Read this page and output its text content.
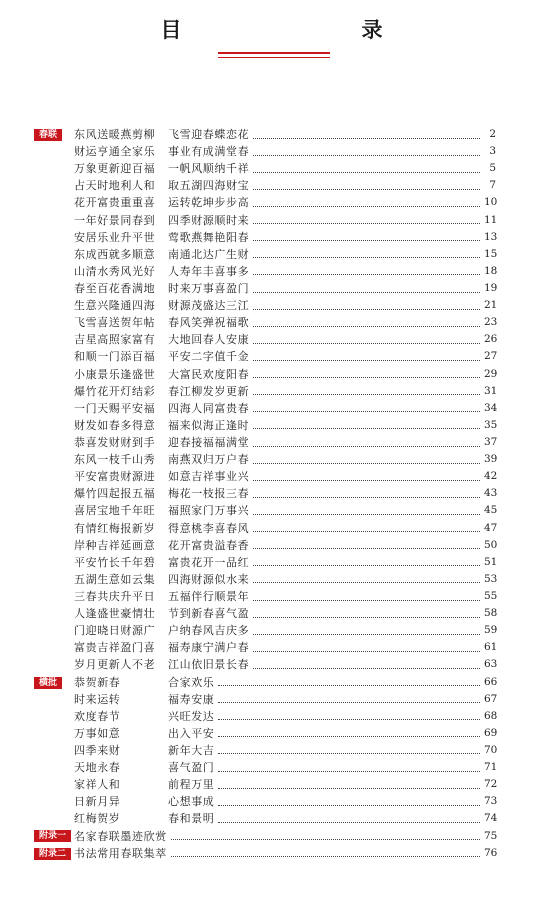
目　　录
春联	东风送暖燕剪柳	飞雪迎春蝶恋花	2
财运亨通全家乐	事业有成满堂春	3
万象更新迎百福	一帆风顺纳千祥	5
占天时地利人和	取五湖四海财宝	7
花开富贵重重喜	运转乾坤步步高	10
一年好景同春到	四季财源顺时来	11
安居乐业升平世	莺歌燕舞艳阳春	13
东成西就多顺意	南通北达广生财	15
山清水秀风光好	人寿年丰喜事多	18
春至百花香满地	时来万事喜盈门	19
生意兴隆通四海	财源茂盛达三江	21
飞雪喜送贺年帖	春风笑弹祝福歌	23
吉星高照家富有	大地回春人安康	26
和顺一门添百福	平安二字值千金	27
小康景乐逢盛世	大富民欢度阳春	29
爆竹花开灯结彩	春江柳发岁更新	31
一门天赐平安福	四海人同富贵春	34
财发如春多得意	福来似海正逢时	35
恭喜发财财到手	迎春接福福满堂	37
东风一枝千山秀	南燕双归万户春	39
平安富贵财源进	如意吉祥事业兴	42
爆竹四起报五福	梅花一枝报三春	43
喜居宝地千年旺	福照家门万事兴	45
有情红梅报新岁	得意桃李喜春风	47
岸种吉祥延画意	花开富贵溢春香	50
平安竹长千年碧	富贵花开一品红	51
五湖生意如云集	四海财源似水来	53
三春共庆升平日	五福伴行顺景年	55
人逢盛世豪情壮	节到新春喜气盈	58
门迎晓日财源广	户纳春风吉庆多	59
富贵吉祥盈门喜	福寿康宁满户春	61
岁月更新人不老	江山依旧景长春	63
横批	恭贺新春	合家欢乐	66
时来运转	福寿安康	67
欢度春节	兴旺发达	68
万事如意	出入平安	69
四季来财	新年大吉	70
天地永春	喜气盈门	71
家祥人和	前程万里	72
日新月异	心想事成	73
红梅贺岁	春和景明	74
附录一 名家春联墨迹欣赏	75
附录二 书法常用春联集萃	76
